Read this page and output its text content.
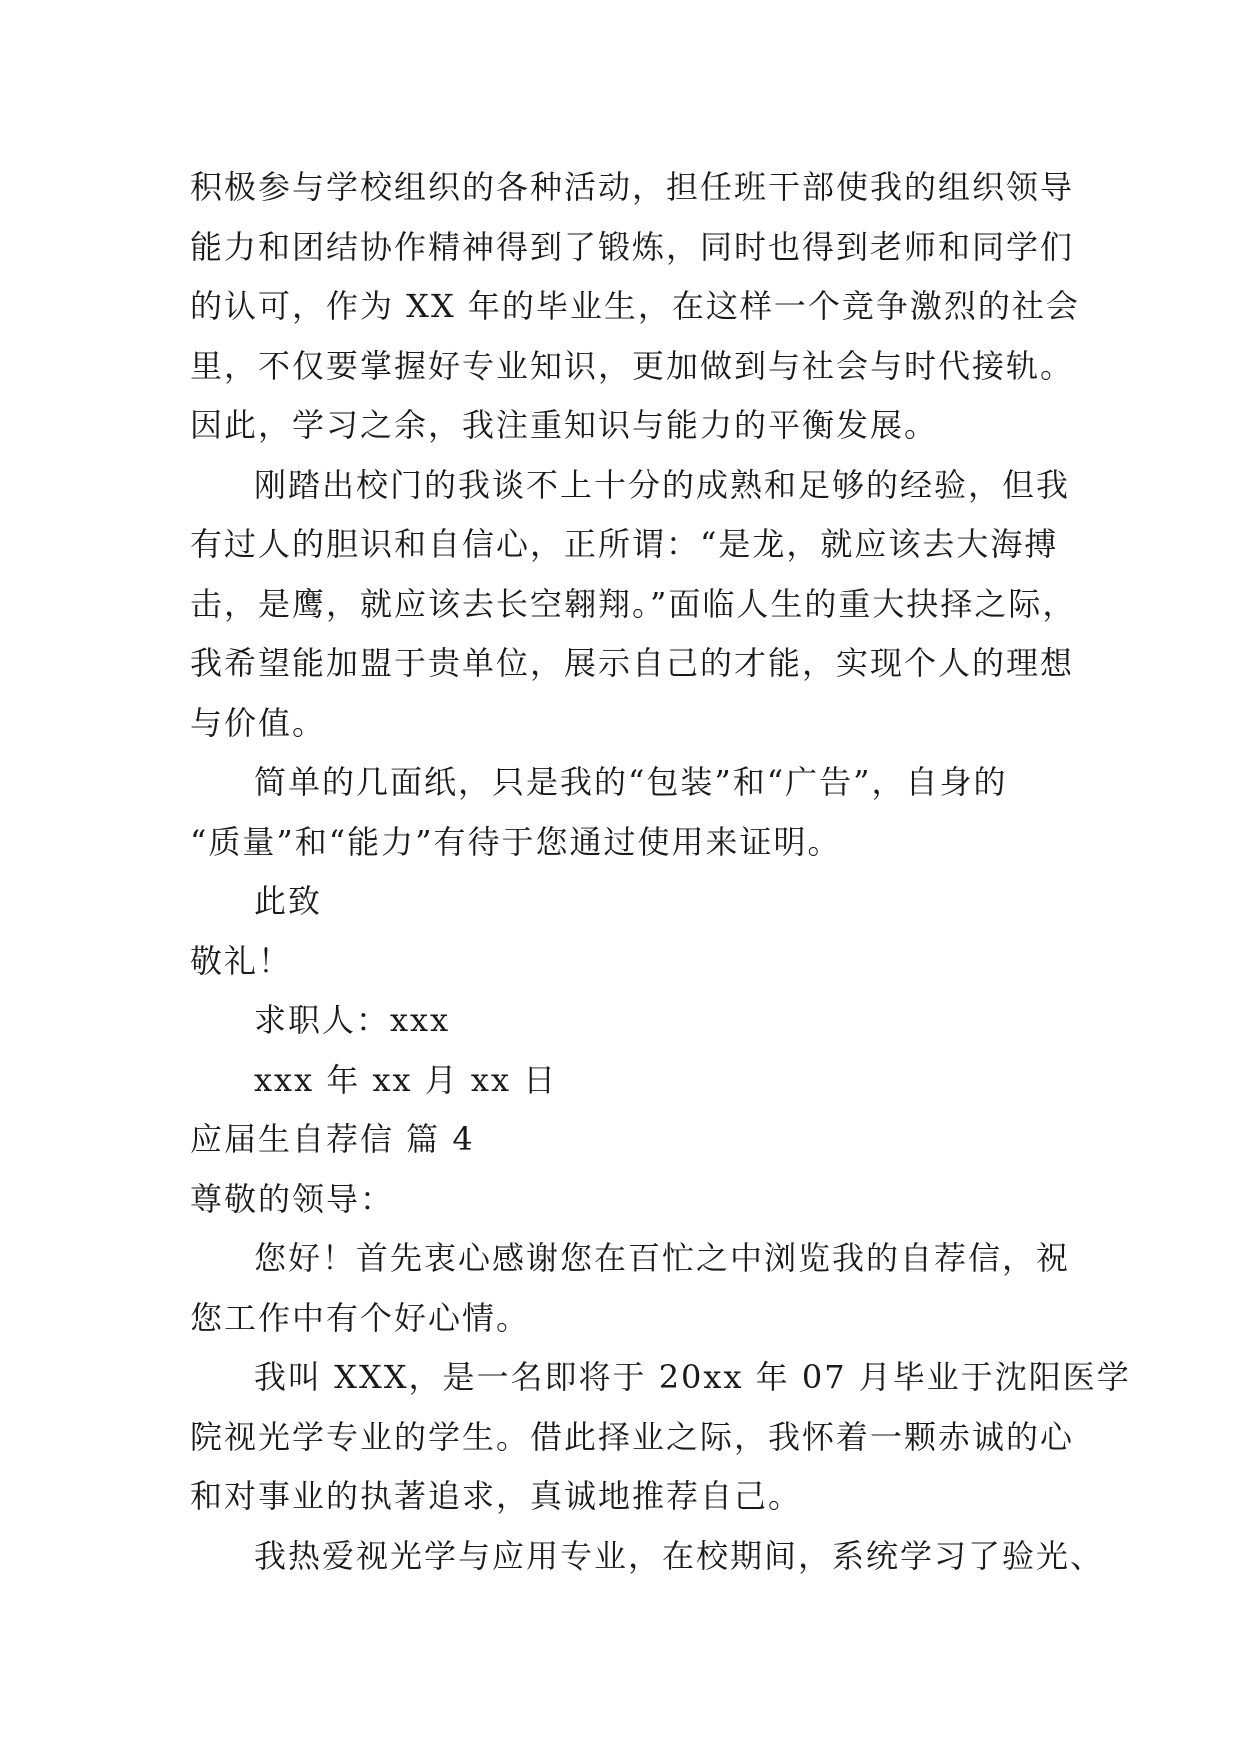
积极参与学校组织的各种活动，担任班干部使我的组织领导
能力和团结协作精神得到了锻炼，同时也得到老师和同学们
的认可，作为 XX 年的毕业生，在这样一个竞争激烈的社会
里，不仅要掌握好专业知识，更加做到与社会与时代接轨。
因此，学习之余，我注重知识与能力的平衡发展。
刚踏出校门的我谈不上十分的成熟和足够的经验，但我
有过人的胆识和自信心，正所谓：“是龙，就应该去大海搏
击，是鹰，就应该去长空翱翔。”面临人生的重大抉择之际，
我希望能加盟于贵单位，展示自己的才能，实现个人的理想
与价值。
简单的几面纸，只是我的“包装”和“广告”，自身的
“质量”和“能力”有待于您通过使用来证明。
此致
敬礼！
求职人：xxx
xxx 年 xx 月 xx 日
应届生自荐信 篇 4
尊敬的领导：
您好！首先衷心感谢您在百忙之中浏览我的自荐信，祝
您工作中有个好心情。
我叫 XXX，是一名即将于 20xx 年 07 月毕业于沈阳医学
院视光学专业的学生。借此择业之际，我怀着一颗赤诚的心
和对事业的执著追求，真诚地推荐自己。
我热爱视光学与应用专业，在校期间，系统学习了验光、
